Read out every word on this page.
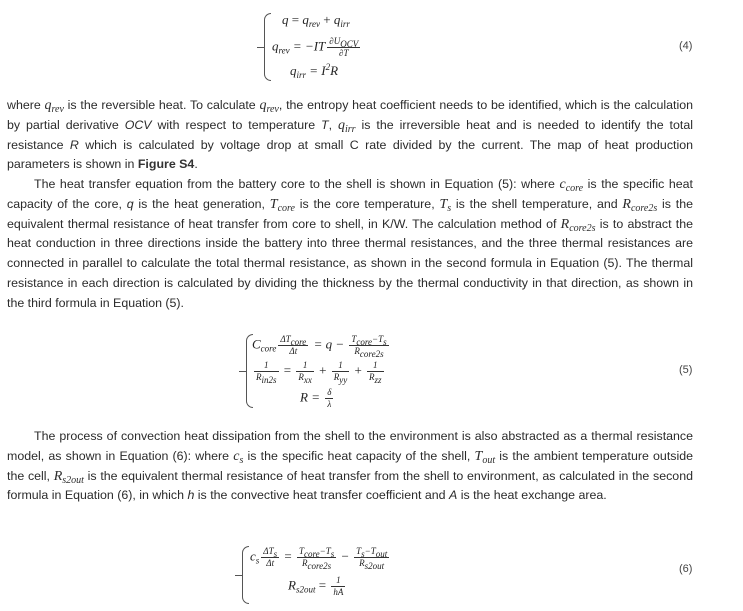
$q = q_{rev} + q_{irr}$
$q_{rev} = -IT \frac{\partial U_{OCV}}{\partial T}$
$q_{irr} = I^2R$
(4)

where $q_{rev}$ is the reversible heat. To calculate $q_{rev}$, the entropy heat coefficient needs to be identified, which is the calculation by partial derivative OCV with respect to temperature T, $q_{irr}$ is the irreversible heat and is needed to identify the total resistance R which is calculated by voltage drop at small C rate divided by the current. The map of heat production parameters is shown in Figure S4.

The heat transfer equation from the battery core to the shell is shown in Equation (5): where $c_{core}$ is the specific heat capacity of the core, q is the heat generation, $T_{core}$ is the core temperature, $T_s$ is the shell temperature, and $R_{core2s}$ is the equivalent thermal resistance of heat transfer from core to shell, in K/W. The calculation method of $R_{core2s}$ is to abstract the heat conduction in three directions inside the battery into three thermal resistances, and the three thermal resistances are connected in parallel to calculate the total thermal resistance, as shown in the second formula in Equation (5). The thermal resistance in each direction is calculated by dividing the thickness by the thermal conductivity in that direction, as shown in the third formula in Equation (5).

$C_{core} \frac{\Delta T_{core}}{\Delta t} = q - \frac{T_{core}-T_s}{R_{core2s}}$
$\frac{1}{R_{in2s}} = \frac{1}{R_{xx}} + \frac{1}{R_{yy}} + \frac{1}{R_{zz}}$
$R = \frac{\delta}{\lambda}$
(5)

The process of convection heat dissipation from the shell to the environment is also abstracted as a thermal resistance model, as shown in Equation (6): where $c_s$ is the specific heat capacity of the shell, $T_{out}$ is the ambient temperature outside the cell, $R_{s2out}$ is the equivalent thermal resistance of heat transfer from the shell to environment, as calculated in the second formula in Equation (6), in which h is the convective heat transfer coefficient and A is the heat exchange area.

$c_s \frac{\Delta T_s}{\Delta t} = \frac{T_{core}-T_s}{R_{core2s}} - \frac{T_s-T_{out}}{R_{s2out}}$
$R_{s2out} = \frac{1}{hA}$
(6)
